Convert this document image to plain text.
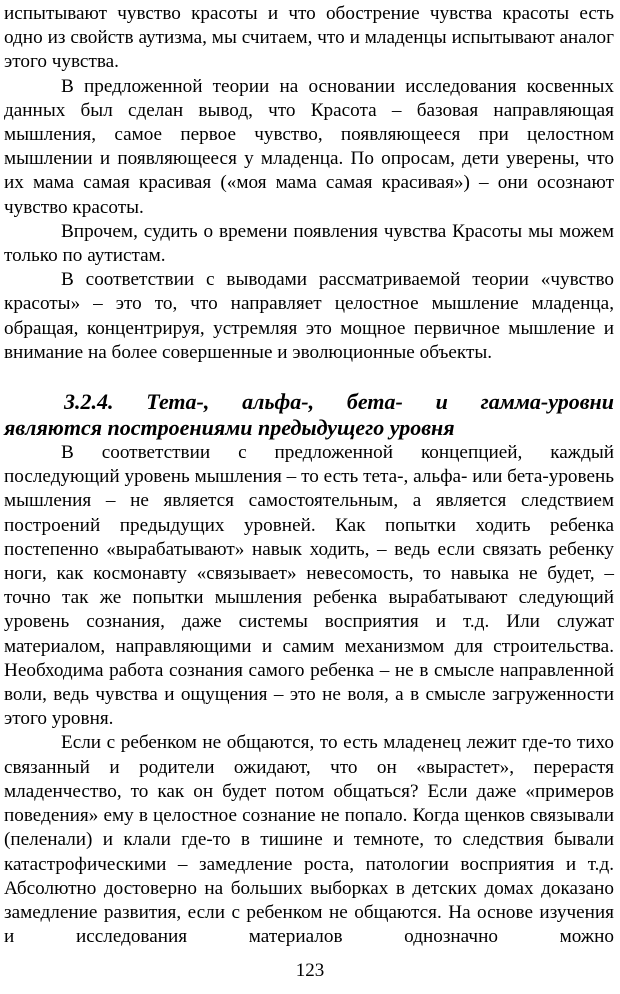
испытывают чувство красоты и что обострение чувства красоты есть одно из свойств аутизма, мы считаем, что и младенцы испытывают аналог этого чувства.

В предложенной теории на основании исследования косвенных данных был сделан вывод, что Красота – базовая направляющая мышления, самое первое чувство, появляющееся при целостном мышлении и появляющееся у младенца. По опросам, дети уверены, что их мама самая красивая («моя мама самая красивая») – они осознают чувство красоты.

Впрочем, судить о времени появления чувства Красоты мы можем только по аутистам.

В соответствии с выводами рассматриваемой теории «чувство красоты» – это то, что направляет целостное мышление младенца, обращая, концентрируя, устремляя это мощное первичное мышление и внимание на более совершенные и эволюционные объекты.

3.2.4. Тета-, альфа-, бета- и гамма-уровни
являются построениями предыдущего уровня

В соответствии с предложенной концепцией, каждый последующий уровень мышления – то есть тета-, альфа- или бета-уровень мышления – не является самостоятельным, а является следствием построений предыдущих уровней. Как попытки ходить ребенка постепенно «вырабатывают» навык ходить, – ведь если связать ребенку ноги, как космонавту «связывает» невесомость, то навыка не будет, – точно так же попытки мышления ребенка вырабатывают следующий уровень сознания, даже системы восприятия и т.д. Или служат материалом, направляющими и самим механизмом для строительства. Необходима работа сознания самого ребенка – не в смысле направленной воли, ведь чувства и ощущения – это не воля, а в смысле загруженности этого уровня.

Если с ребенком не общаются, то есть младенец лежит где-то тихо связанный и родители ожидают, что он «вырастет», перерастя младенчество, то как он будет потом общаться? Если даже «примеров поведения» ему в целостное сознание не попало. Когда щенков связывали (пеленали) и клали где-то в тишине и темноте, то следствия бывали катастрофическими – замедление роста, патологии восприятия и т.д. Абсолютно достоверно на больших выборках в детских домах доказано замедление развития, если с ребенком не общаются. На основе изучения и исследования материалов однозначно можно

123
